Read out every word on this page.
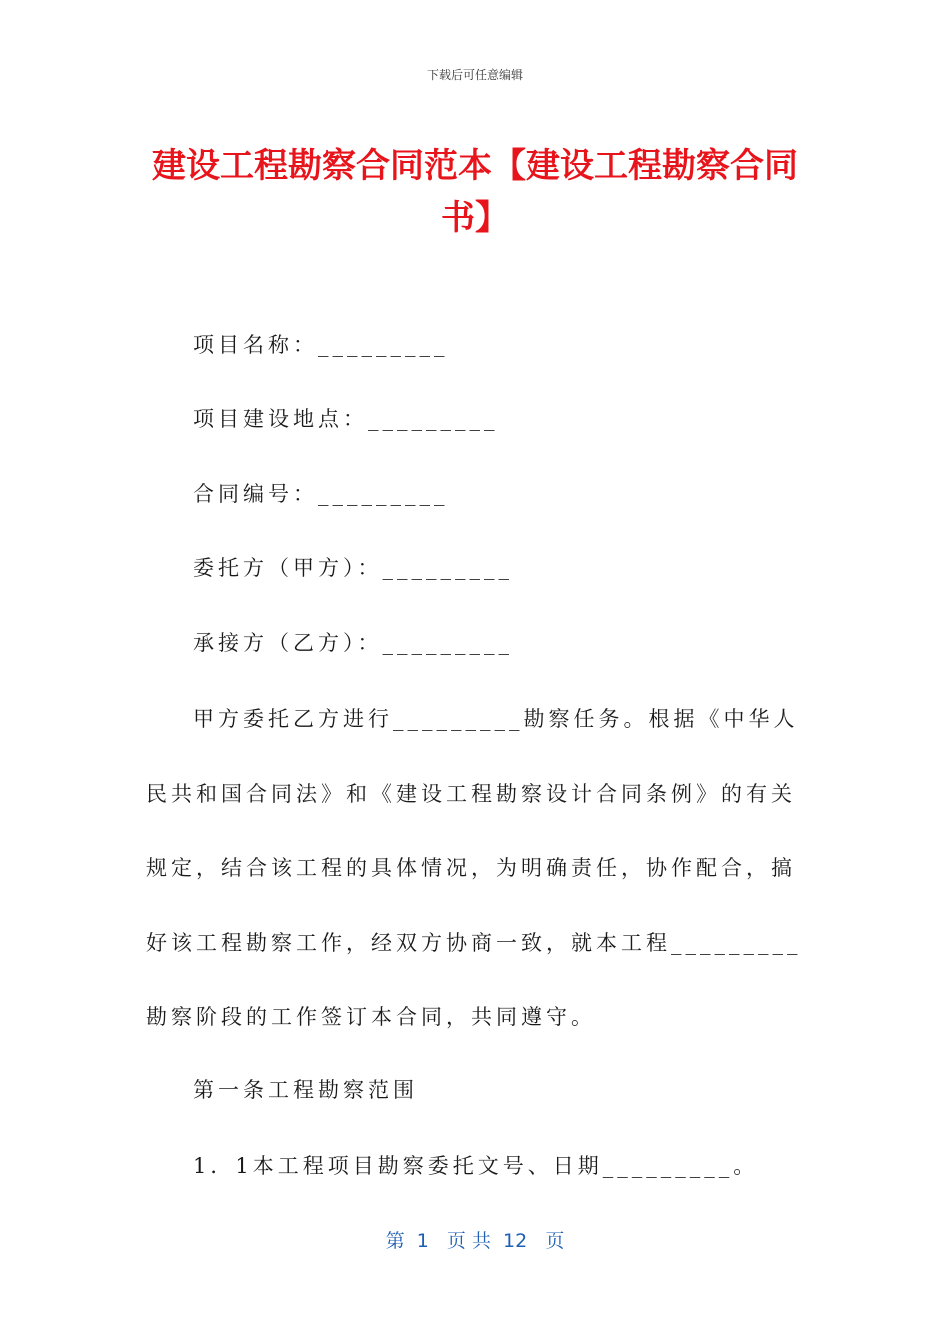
下载后可任意编辑
建设工程勘察合同范本【建设工程勘察合同书】
项目名称：_________
项目建设地点：_________
合同编号：_________
委托方（甲方）：_________
承接方（乙方）：_________

甲方委托乙方进行_________勘察任务。根据《中华人民共和国合同法》和《建设工程勘察设计合同条例》的有关规定，结合该工程的具体情况，为明确责任，协作配合，搞好该工程勘察工作，经双方协商一致，就本工程_________勘察阶段的工作签订本合同，共同遵守。

第一条工程勘察范围
1．1本工程项目勘察委托文号、日期_________。
第  1   页 共  12   页
